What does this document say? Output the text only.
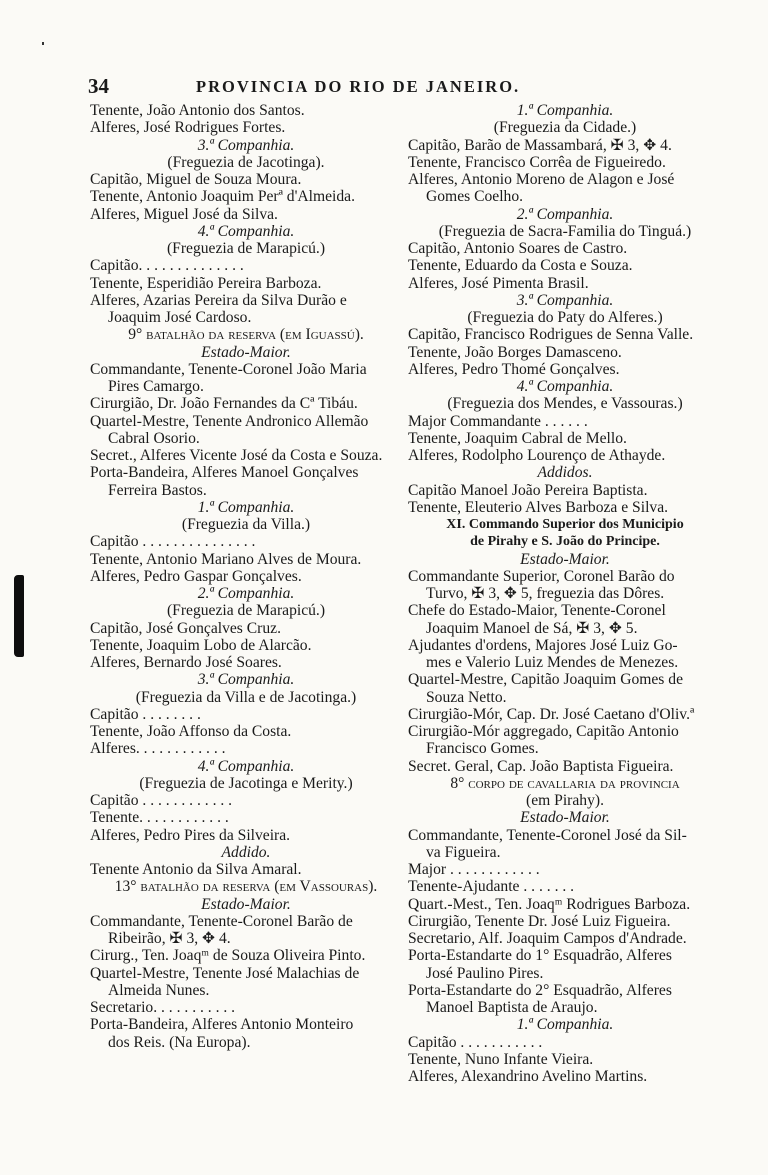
34	PROVINCIA DO RIO DE JANEIRO.
Tenente, João Antonio dos Santos.
Alferes, José Rodrigues Fortes.
3.ª Companhia.
(Freguezia de Jacotinga).
Capitão, Miguel de Souza Moura.
Tenente, Antonio Joaquim Perª d'Almeida.
Alferes, Miguel José da Silva.
4.ª Companhia.
(Freguezia de Marapicú.)
Capitão. . . . . . . . . . . . . .
Tenente, Esperidião Pereira Barboza.
Alferes, Azarias Pereira da Silva Durão e
Joaquim José Cardoso.
9° batalhão da reserva (em Iguassú).
Estado-Maior.
Commandante, Tenente-Coronel João Maria
Pires Camargo.
Cirurgião, Dr. João Fernandes da Cª Tibáu.
Quartel-Mestre, Tenente Andronico Allemão
Cabral Osorio.
Secret., Alferes Vicente José da Costa e Souza.
Porta-Bandeira, Alferes Manoel Gonçalves
Ferreira Bastos.
1.ª Companhia.
(Freguezia da Villa.)
Capitão . . . . . . . . . . . . . . .
Tenente, Antonio Mariano Alves de Moura.
Alferes, Pedro Gaspar Gonçalves.
2.ª Companhia.
(Freguezia de Marapicú.)
Capitão, José Gonçalves Cruz.
Tenente, Joaquim Lobo de Alarcão.
Alferes, Bernardo José Soares.
3.ª Companhia.
(Freguezia da Villa e de Jacotinga.)
Capitão . . . . . . . .
Tenente, João Affonso da Costa.
Alferes. . . . . . . . . . . .
4.ª Companhia.
(Freguezia de Jacotinga e Merity.)
Capitão . . . . . . . . . . . .
Tenente. . . . . . . . . . . .
Alferes, Pedro Pires da Silveira.
Addido.
Tenente Antonio da Silva Amaral.
13° batalhão da reserva (em Vassouras).
Estado-Maior.
Commandante, Tenente-Coronel Barão de
Ribeirão, ✠ 3, ✥ 4.
Cirurg., Ten. Joaqᵐ de Souza Oliveira Pinto.
Quartel-Mestre, Tenente José Malachias de
Almeida Nunes.
Secretario. . . . . . . . . . .
Porta-Bandeira, Alferes Antonio Monteiro
dos Reis. (Na Europa).
1.ª Companhia.
(Freguezia da Cidade.)
Capitão, Barão de Massambará, ✠ 3, ✥ 4.
Tenente, Francisco Corrêa de Figueiredo.
Alferes, Antonio Moreno de Alagon e José
Gomes Coelho.
2.ª Companhia.
(Freguezia de Sacra-Familia do Tinguá.)
Capitão, Antonio Soares de Castro.
Tenente, Eduardo da Costa e Souza.
Alferes, José Pimenta Brasil.
3.ª Companhia.
(Freguezia do Paty do Alferes.)
Capitão, Francisco Rodrigues de Senna Valle.
Tenente, João Borges Damasceno.
Alferes, Pedro Thomé Gonçalves.
4.ª Companhia.
(Freguezia dos Mendes, e Vassouras.)
Major Commandante . . . . . .
Tenente, Joaquim Cabral de Mello.
Alferes, Rodolpho Lourenço de Athayde.
Addidos.
Capitão Manoel João Pereira Baptista.
Tenente, Eleuterio Alves Barboza e Silva.
XI. Commando Superior dos Municipio
de Pirahy e S. João do Principe.
Estado-Maior.
Commandante Superior, Coronel Barão do
Turvo, ✠ 3, ✥ 5, freguezia das Dôres.
Chefe do Estado-Maior, Tenente-Coronel
Joaquim Manoel de Sá, ✠ 3, ✥ 5.
Ajudantes d'ordens, Majores José Luiz Go-
mes e Valerio Luiz Mendes de Menezes.
Quartel-Mestre, Capitão Joaquim Gomes de
Souza Netto.
Cirurgião-Mór, Cap. Dr. José Caetano d'Oliv.ª
Cirurgião-Mór aggregado, Capitão Antonio
Francisco Gomes.
Secret. Geral, Cap. João Baptista Figueira.
8° corpo de cavallaria da provincia
(em Pirahy).
Estado-Maior.
Commandante, Tenente-Coronel José da Sil-
va Figueira.
Major . . . . . . . . . . . .
Tenente-Ajudante . . . . . . .
Quart.-Mest., Ten. Joaqᵐ Rodrigues Barboza.
Cirurgião, Tenente Dr. José Luiz Figueira.
Secretario, Alf. Joaquim Campos d'Andrade.
Porta-Estandarte do 1° Esquadrão, Alferes
José Paulino Pires.
Porta-Estandarte do 2° Esquadrão, Alferes
Manoel Baptista de Araujo.
1.ª Companhia.
Capitão . . . . . . . . . . .
Tenente, Nuno Infante Vieira.
Alferes, Alexandrino Avelino Martins.
